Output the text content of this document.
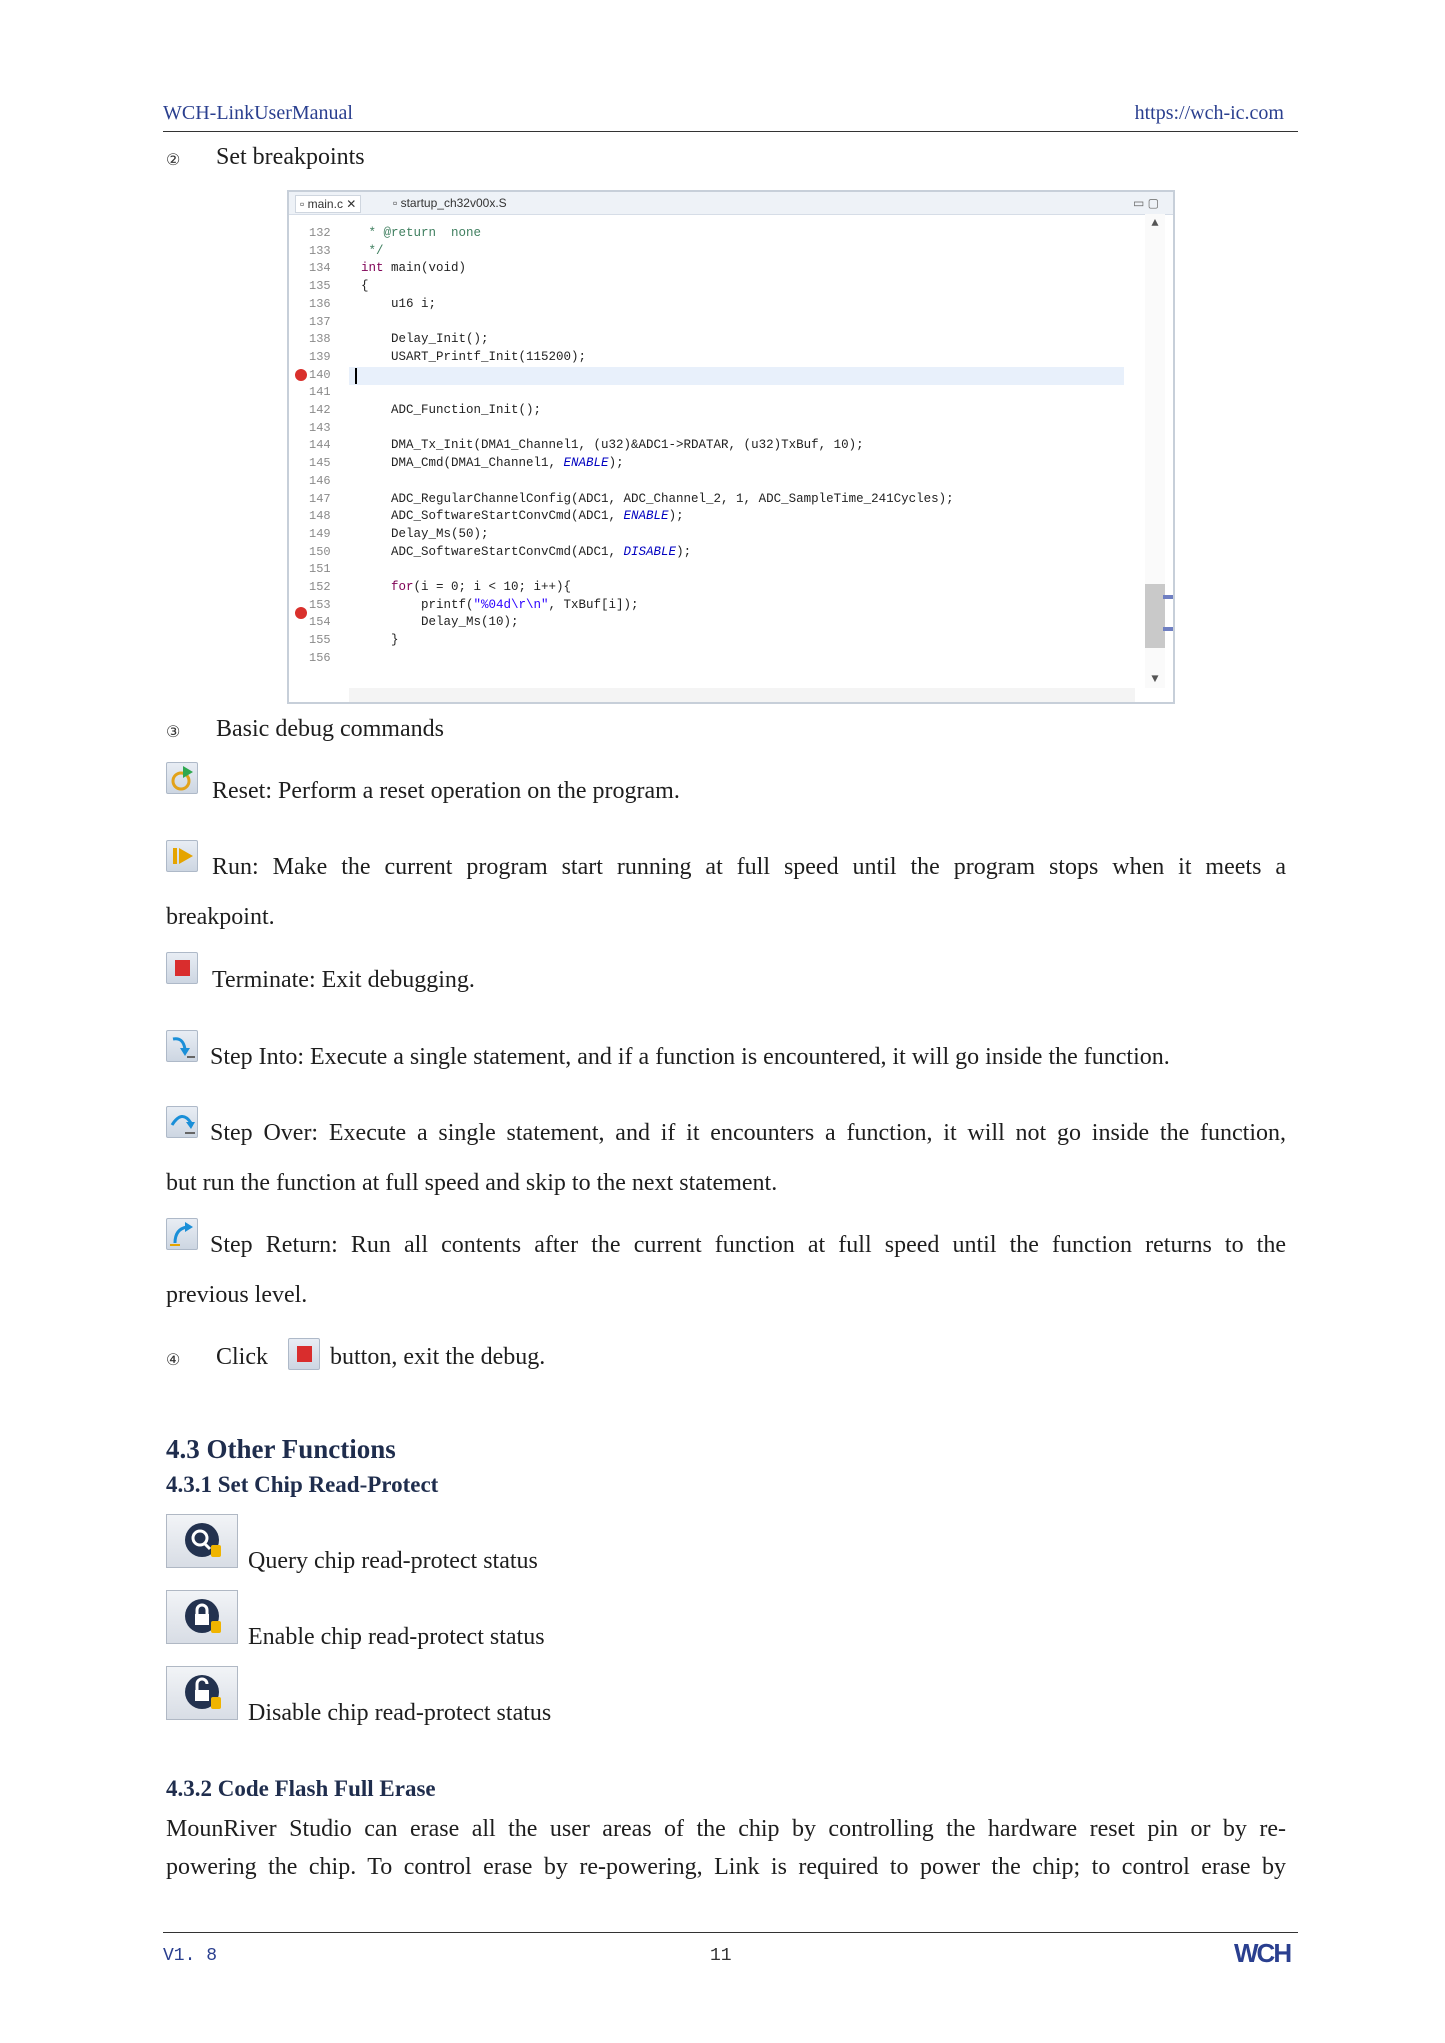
WCH-LinkUserManual	https://wch-ic.com
② Set breakpoints
▫ main.c ✕	▫ startup_ch32v00x.S	▭ ▢
132	* @return  none
133	*/
134	int main(void)
135	{
136	u16 i;
137
138	Delay_Init();
139	USART_Printf_Init(115200);
140
141
142	ADC_Function_Init();
143
144	DMA_Tx_Init(DMA1_Channel1, (u32)&ADC1->RDATAR, (u32)TxBuf, 10);
145	DMA_Cmd(DMA1_Channel1, ENABLE);
146
147	ADC_RegularChannelConfig(ADC1, ADC_Channel_2, 1, ADC_SampleTime_241Cycles);
148	ADC_SoftwareStartConvCmd(ADC1, ENABLE);
149	Delay_Ms(50);
150	ADC_SoftwareStartConvCmd(ADC1, DISABLE);
151
152	for(i = 0; i < 10; i++){
153	printf("%04d\r\n", TxBuf[i]);
154	Delay_Ms(10);
155	}
156
▲
▼
③ Basic debug commands
Reset: Perform a reset operation on the program.
Run: Make the current program start running at full speed until the program stops when it meets a
breakpoint.
Terminate: Exit debugging.
Step Into: Execute a single statement, and if a function is encountered, it will go inside the function.
Step Over: Execute a single statement, and if it encounters a function, it will not go inside the function,
but run the function at full speed and skip to the next statement.
Step Return: Run all contents after the current function at full speed until the function returns to the
previous level.
④ Click	button, exit the debug.
4.3 Other Functions
4.3.1 Set Chip Read-Protect
Query chip read-protect status
Enable chip read-protect status
Disable chip read-protect status
4.3.2 Code Flash Full Erase
MounRiver Studio can erase all the user areas of the chip by controlling the hardware reset pin or by re-
powering the chip. To control erase by re-powering, Link is required to power the chip; to control erase by
V1. 8	11	WCH
